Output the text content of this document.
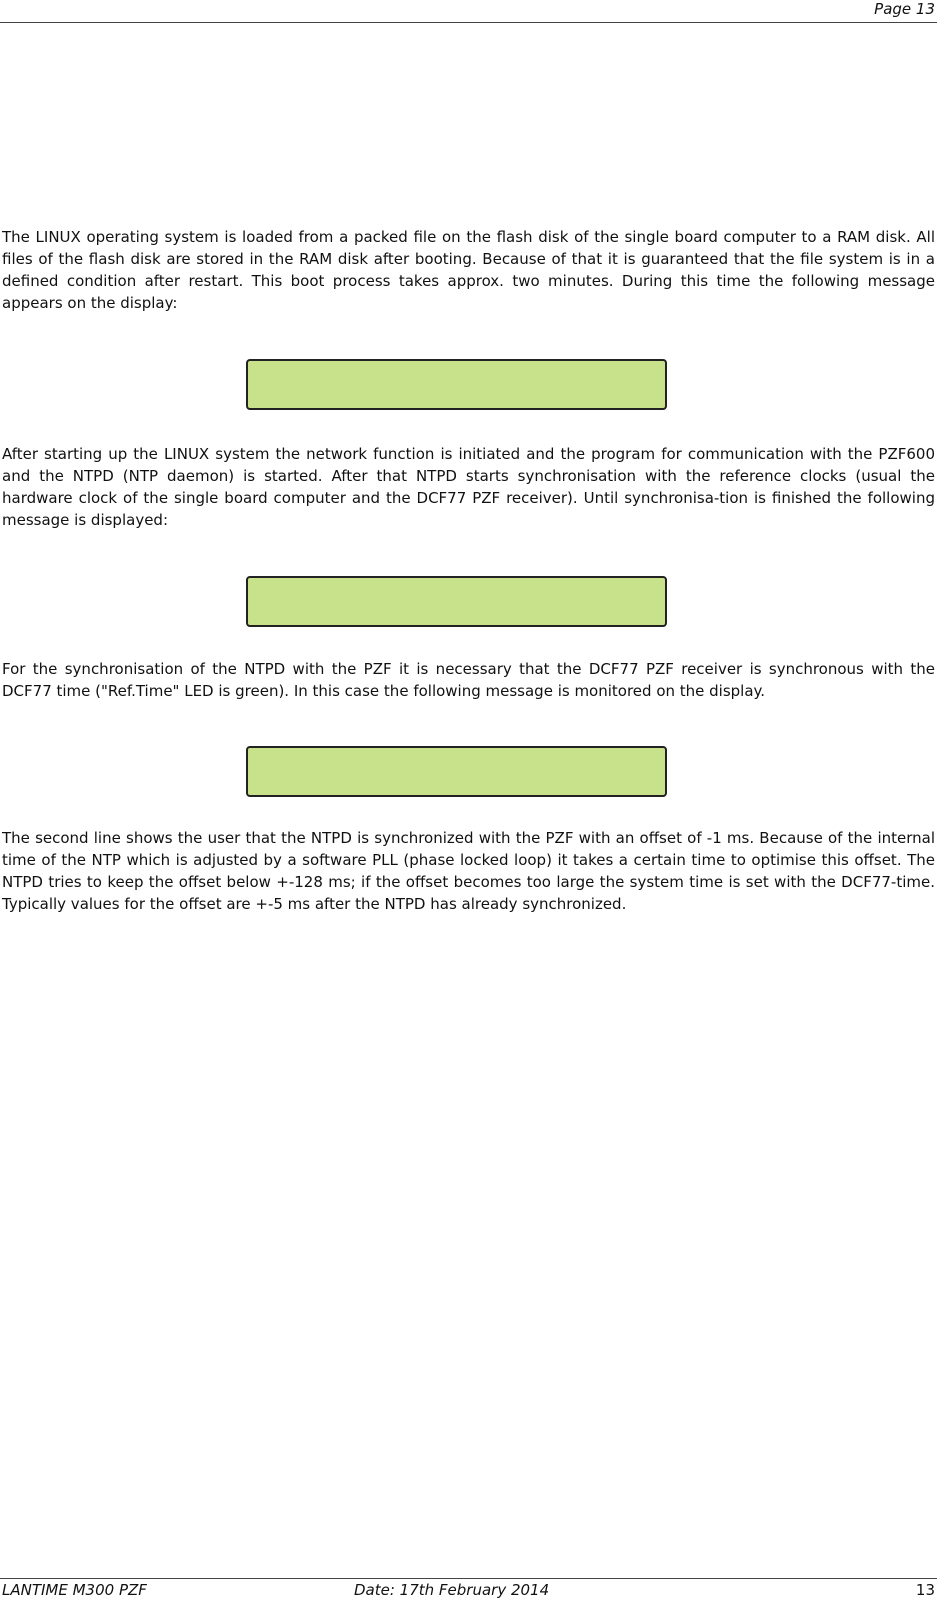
Page 13

The LINUX operating system is loaded from a packed file on the flash disk of the single board computer to a RAM disk. All files of the flash disk are stored in the RAM disk after booting. Because of that it is guaranteed that the file system is in a defined condition after restart. This boot process takes approx. two minutes. During this time the following message appears on the display:

After starting up the LINUX system the network function is initiated and the program for communication with the PZF600 and the NTPD (NTP daemon) is started. After that NTPD starts synchronisation with the reference clocks (usual the hardware clock of the single board computer and the DCF77 PZF receiver). Until synchronisa-tion is finished the following message is displayed:

For the synchronisation of the NTPD with the PZF it is necessary that the DCF77 PZF receiver is synchronous with the DCF77 time ("Ref.Time" LED is green). In this case the following message is monitored on the display.

The second line shows the user that the NTPD is synchronized with the PZF with an offset of -1 ms. Because of the internal time of the NTP which is adjusted by a software PLL (phase locked loop) it takes a certain time to optimise this offset. The NTPD tries to keep the offset below +-128 ms; if the offset becomes too large the system time is set with the DCF77-time. Typically values for the offset are +-5 ms after the NTPD has already synchronized.

LANTIME M300 PZF	Date: 17th February 2014	13
